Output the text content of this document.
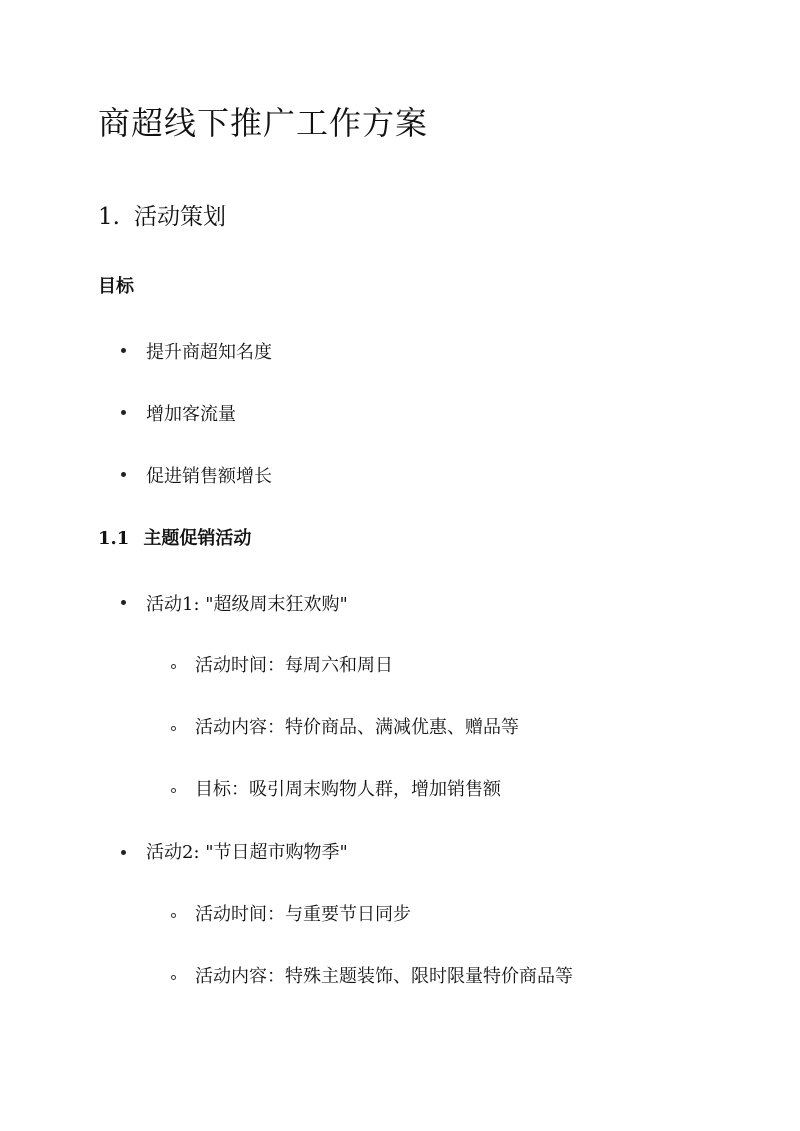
商超线下推广工作方案
1. 活动策划
目标
提升商超知名度
增加客流量
促进销售额增长
1.1 主题促销活动
活动1: "超级周末狂欢购"
活动时间：每周六和周日
活动内容：特价商品、满减优惠、赠品等
目标：吸引周末购物人群，增加销售额
活动2: "节日超市购物季"
活动时间：与重要节日同步
活动内容：特殊主题装饰、限时限量特价商品等
